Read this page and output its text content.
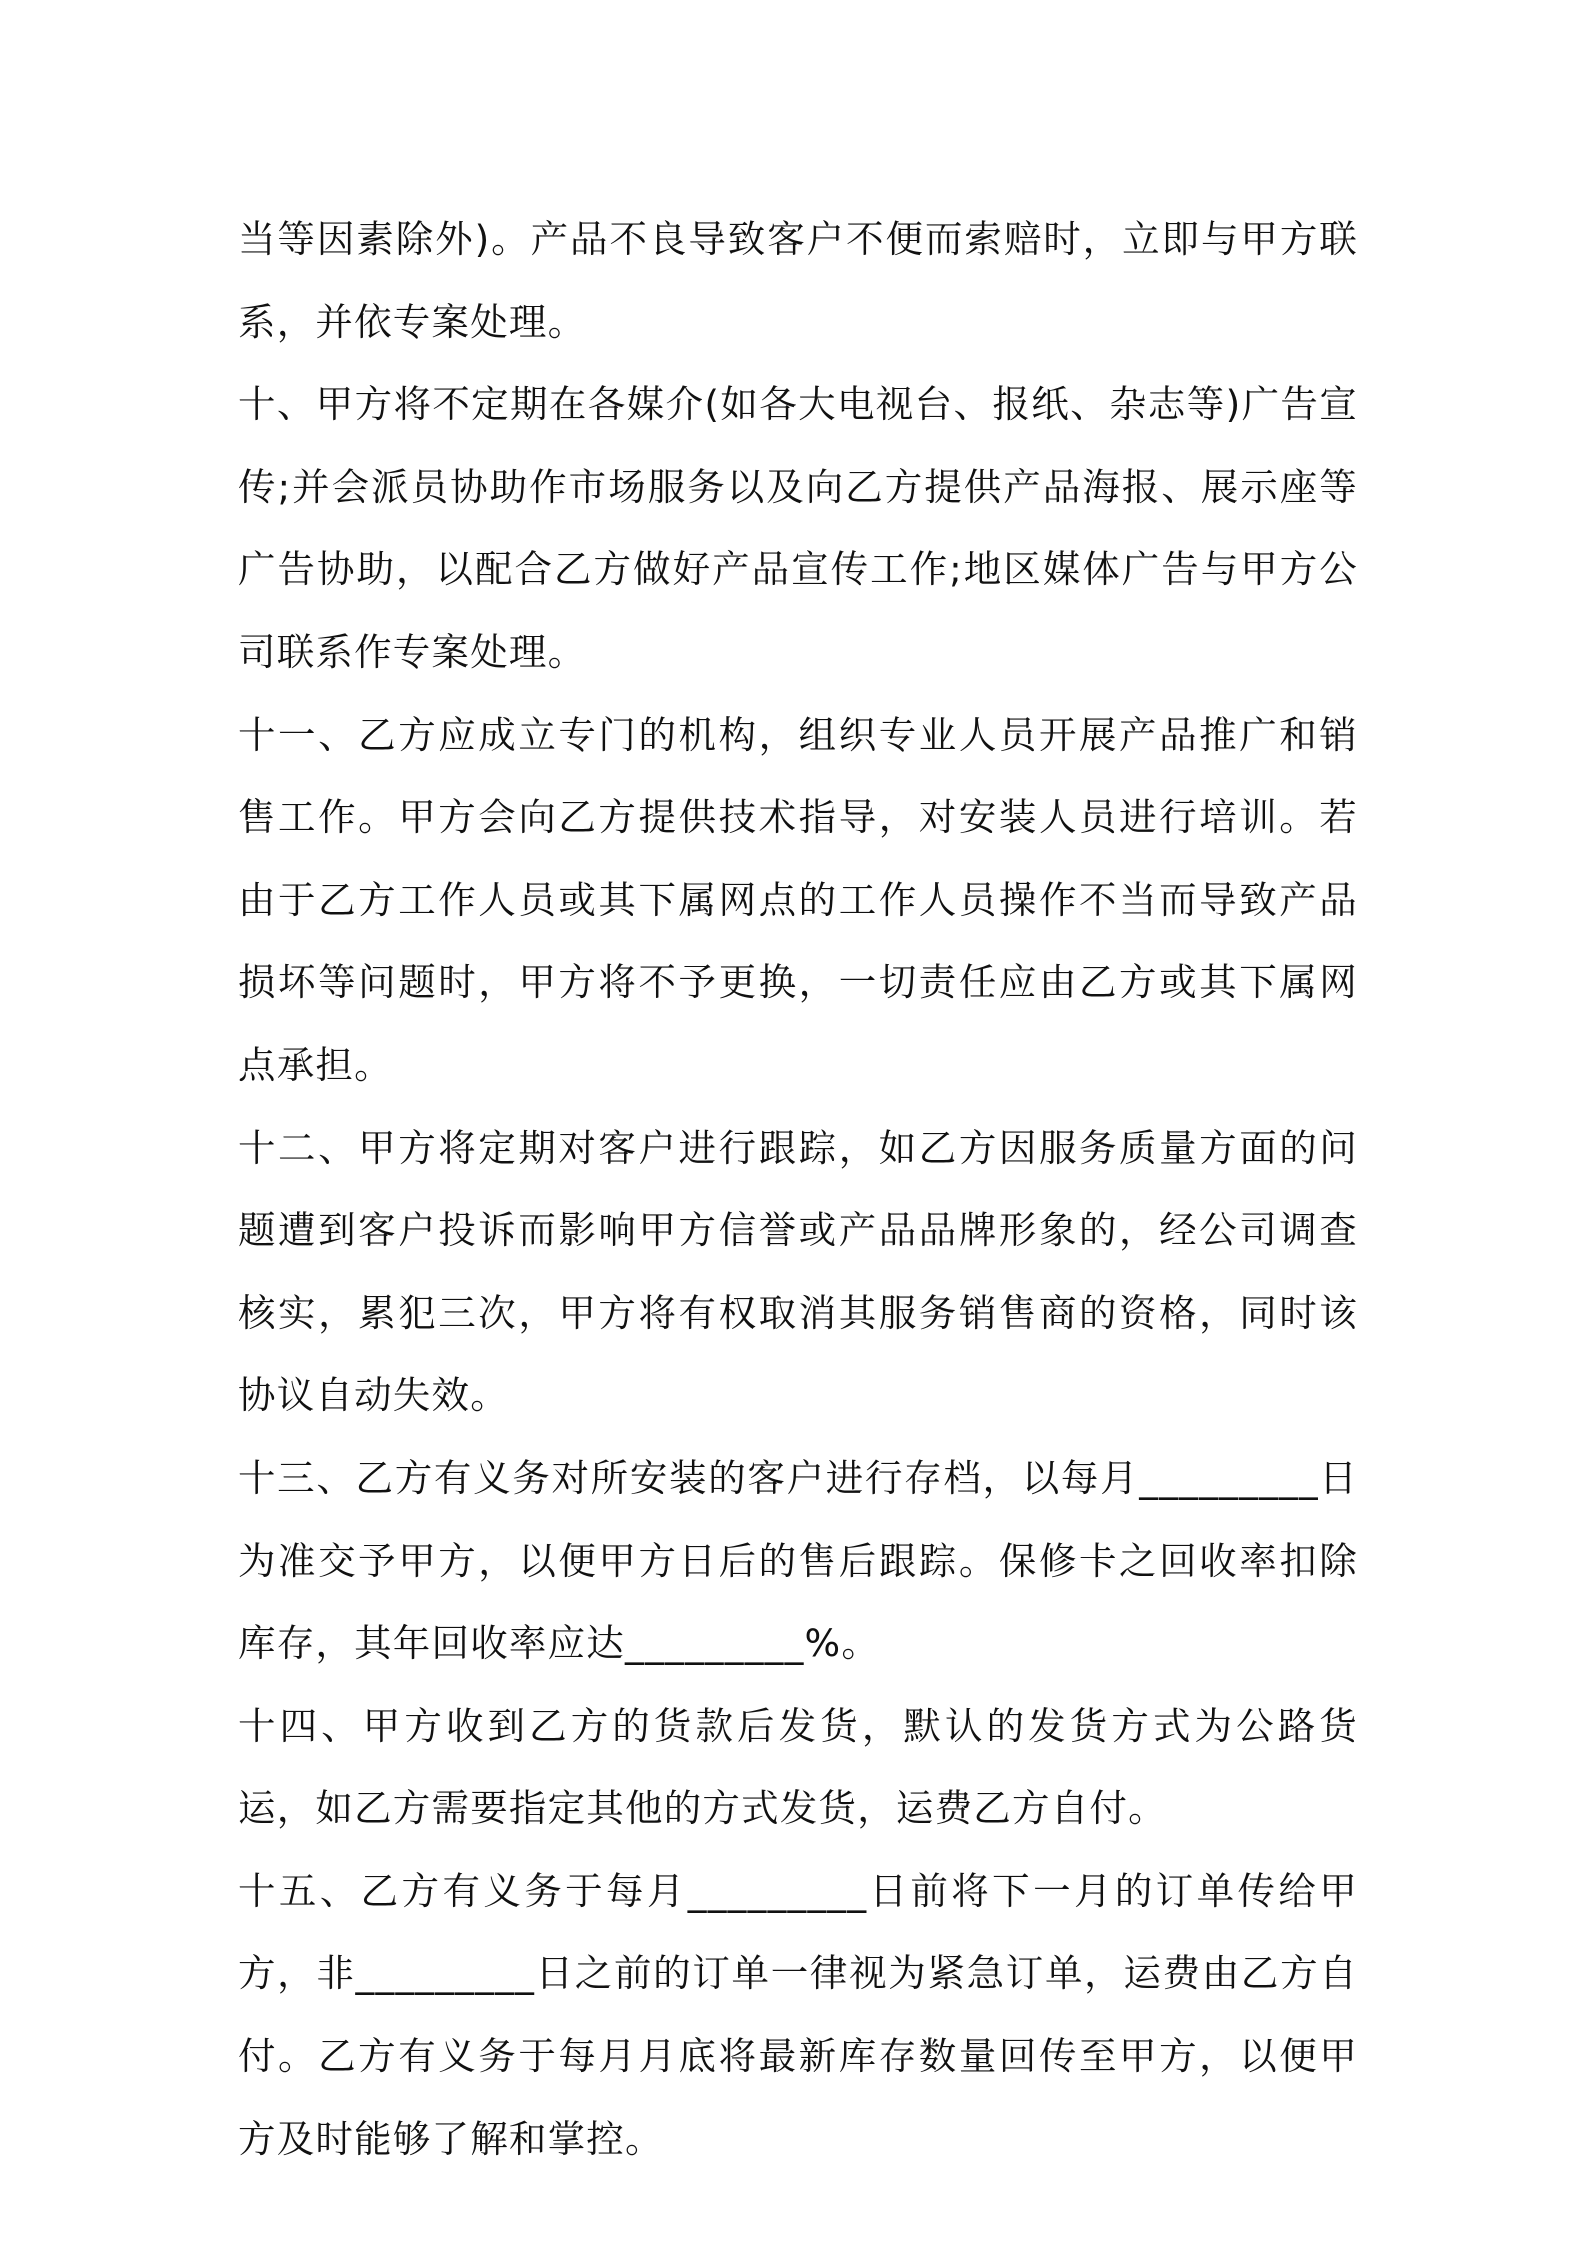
当等因素除外)。产品不良导致客户不便而索赔时，立即与甲方联系，并依专案处理。

十、甲方将不定期在各媒介(如各大电视台、报纸、杂志等)广告宣传;并会派员协助作市场服务以及向乙方提供产品海报、展示座等广告协助，以配合乙方做好产品宣传工作;地区媒体广告与甲方公司联系作专案处理。

十一、乙方应成立专门的机构，组织专业人员开展产品推广和销售工作。甲方会向乙方提供技术指导，对安装人员进行培训。若由于乙方工作人员或其下属网点的工作人员操作不当而导致产品损坏等问题时，甲方将不予更换，一切责任应由乙方或其下属网点承担。

十二、甲方将定期对客户进行跟踪，如乙方因服务质量方面的问题遭到客户投诉而影响甲方信誉或产品品牌形象的，经公司调查核实，累犯三次，甲方将有权取消其服务销售商的资格，同时该协议自动失效。

十三、乙方有义务对所安装的客户进行存档，以每月_________日为准交予甲方，以便甲方日后的售后跟踪。保修卡之回收率扣除库存，其年回收率应达_________%。

十四、甲方收到乙方的货款后发货，默认的发货方式为公路货运，如乙方需要指定其他的方式发货，运费乙方自付。

十五、乙方有义务于每月_________日前将下一月的订单传给甲方，非_________日之前的订单一律视为紧急订单，运费由乙方自付。乙方有义务于每月月底将最新库存数量回传至甲方，以便甲方及时能够了解和掌控。
